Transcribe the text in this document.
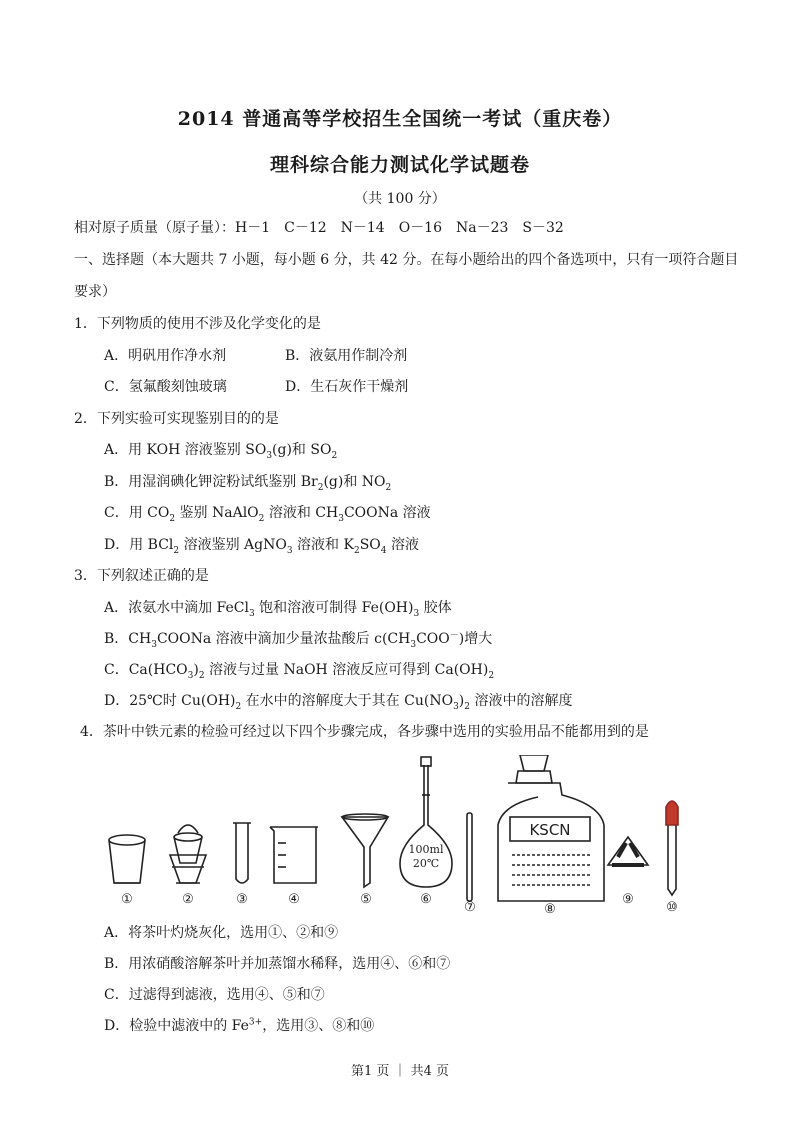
2014 普通高等学校招生全国统一考试（重庆卷）
理科综合能力测试化学试题卷
（共 100 分）
相对原子质量（原子量）：H－1　C－12　N－14　O－16　Na－23　S－32
一、选择题（本大题共 7 小题，每小题 6 分，共 42 分。在每小题给出的四个备选项中，只有一项符合题目
要求）
1．下列物质的使用不涉及化学变化的是
A．明矾用作净水剂	B．液氨用作制冷剂
C．氢氟酸刻蚀玻璃	D．生石灰作干燥剂
2．下列实验可实现鉴别目的的是
A．用 KOH 溶液鉴别 $SO_3(g)$和 $SO_2$
B．用湿润碘化钾淀粉试纸鉴别 $Br_2(g)$和 $NO_2$
C．用 $CO_2$ 鉴别 NaAlO$_2$ 溶液和 $CH_3COONa$ 溶液
D．用 BCl$_2$ 溶液鉴别 AgNO$_3$ 溶液和 $K_2SO_4$ 溶液
3．下列叙述正确的是
A．浓氨水中滴加 FeCl$_3$ 饱和溶液可制得 $Fe(OH)_3$ 胶体
B．$CH_3COONa$ 溶液中滴加少量浓盐酸后 $c(CH_3COO^-)$增大
C．$Ca(HCO_3)_2$ 溶液与过量 NaOH 溶液反应可得到 $Ca(OH)_2$
D．25℃时 $Cu(OH)_2$ 在水中的溶解度大于其在 $Cu(NO_3)_2$ 溶液中的溶解度
4．茶叶中铁元素的检验可经过以下四个步骤完成，各步骤中选用的实验用品不能都用到的是
100ml
20℃
KSCN
①	②	③	④	⑤	⑥
⑦	⑧
⑨
⑩
A．将茶叶灼烧灰化，选用①、②和⑨
B．用浓硝酸溶解茶叶并加蒸馏水稀释，选用④、⑥和⑦
C．过滤得到滤液，选用④、⑤和⑦
D．检验中滤液中的 $Fe^{3+}$，选用③、⑧和⑩
第1 页 ｜ 共4 页
